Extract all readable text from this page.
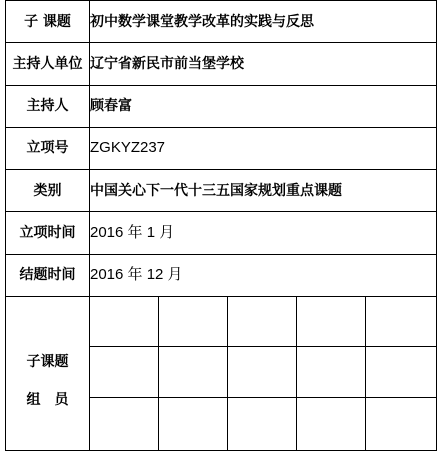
子 课题	初中数学课堂教学改革的实践与反思				
主持人单位	辽宁省新民市前当堡学校				
主持人	顾春富				
立项号	ZGKYZ237				
类别	中国关心下一代十三五国家规划重点课题				
立项时间	2016 年 1 月				
结题时间	2016 年 12 月				

子课题
组员					
